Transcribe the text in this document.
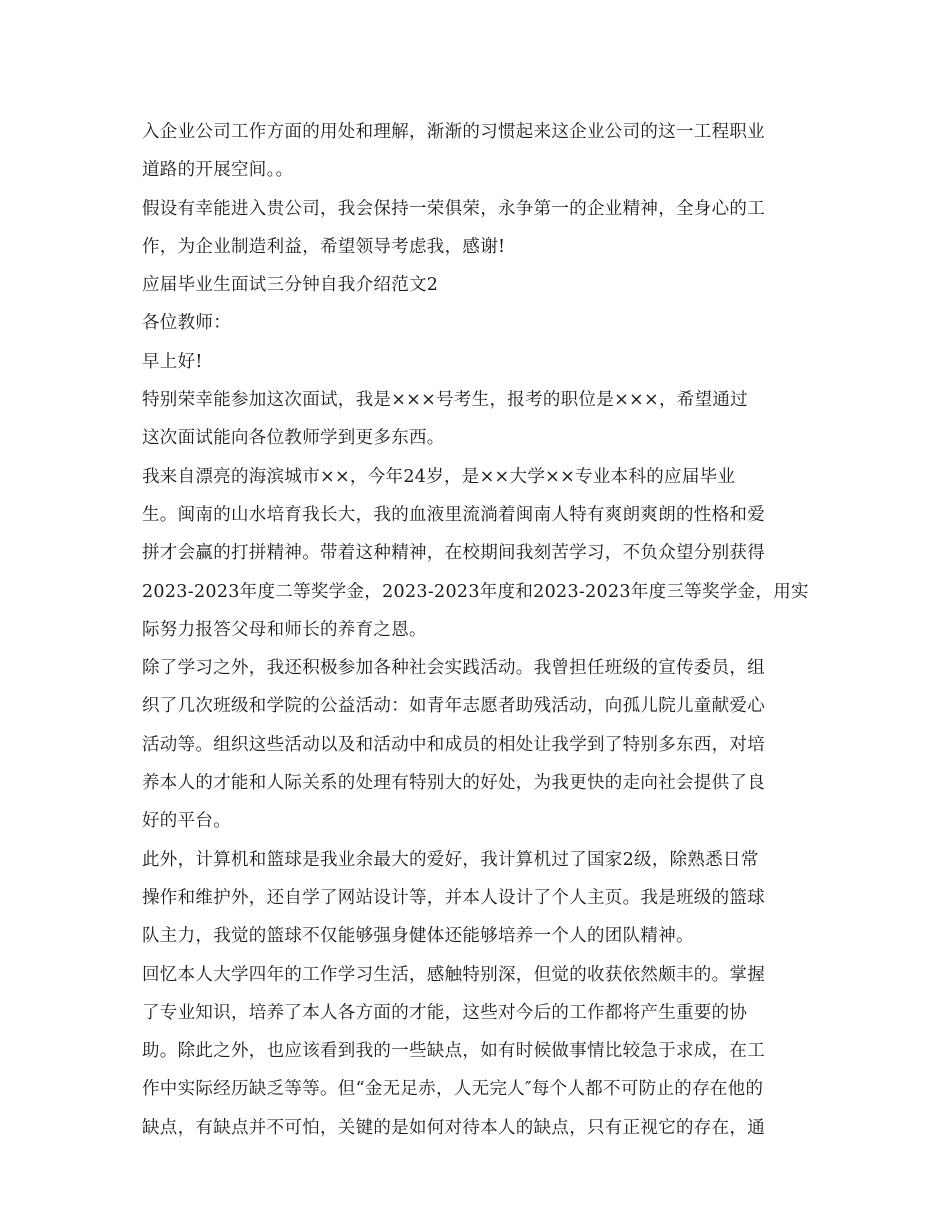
入企业公司工作方面的用处和理解，渐渐的习惯起来这企业公司的这一工程职业
道路的开展空间。。
假设有幸能进入贵公司，我会保持一荣俱荣，永争第一的企业精神，全身心的工
作，为企业制造利益，希望领导考虑我，感谢!
应届毕业生面试三分钟自我介绍范文2
各位教师：
早上好!
特别荣幸能参加这次面试，我是×××号考生，报考的职位是×××，希望通过
这次面试能向各位教师学到更多东西。
我来自漂亮的海滨城市××，今年24岁，是××大学××专业本科的应届毕业
生。闽南的山水培育我长大，我的血液里流淌着闽南人特有爽朗爽朗的性格和爱
拼才会赢的打拼精神。带着这种精神，在校期间我刻苦学习，不负众望分别获得
2023-2023年度二等奖学金，2023-2023年度和2023-2023年度三等奖学金，用实
际努力报答父母和师长的养育之恩。
除了学习之外，我还积极参加各种社会实践活动。我曾担任班级的宣传委员，组
织了几次班级和学院的公益活动：如青年志愿者助残活动，向孤儿院儿童献爱心
活动等。组织这些活动以及和活动中和成员的相处让我学到了特别多东西，对培
养本人的才能和人际关系的处理有特别大的好处，为我更快的走向社会提供了良
好的平台。
此外，计算机和篮球是我业余最大的爱好，我计算机过了国家2级，除熟悉日常
操作和维护外，还自学了网站设计等，并本人设计了个人主页。我是班级的篮球
队主力，我觉的篮球不仅能够强身健体还能够培养一个人的团队精神。
回忆本人大学四年的工作学习生活，感触特别深，但觉的收获依然颇丰的。掌握
了专业知识，培养了本人各方面的才能，这些对今后的工作都将产生重要的协
助。除此之外，也应该看到我的一些缺点，如有时候做事情比较急于求成，在工
作中实际经历缺乏等等。但“金无足赤，人无完人″每个人都不可防止的存在他的
缺点，有缺点并不可怕，关键的是如何对待本人的缺点，只有正视它的存在，通
